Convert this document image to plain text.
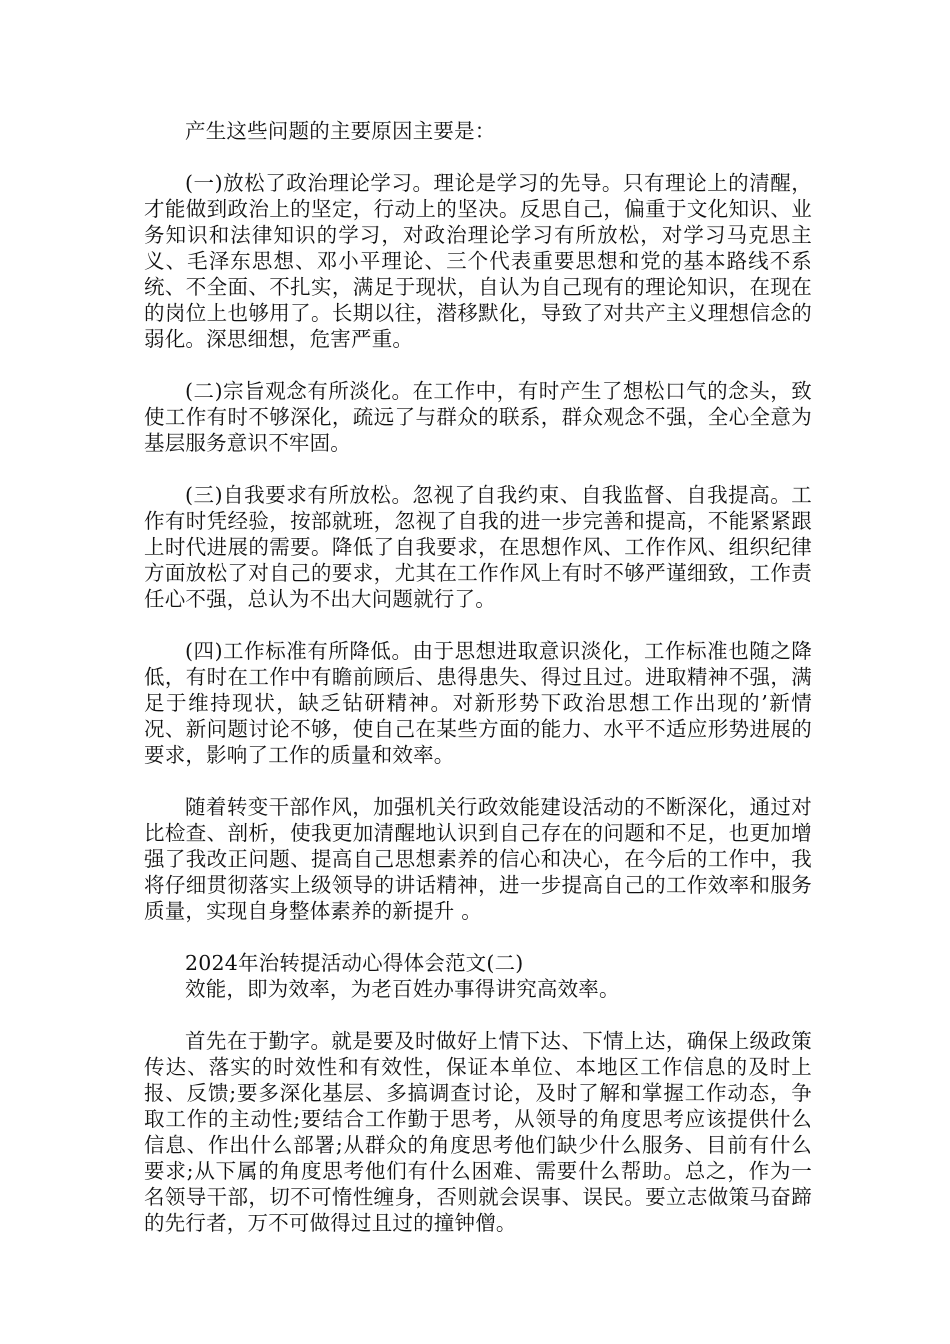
产生这些问题的主要原因主要是：

(一)放松了政治理论学习。理论是学习的先导。只有理论上的清醒，才能做到政治上的坚定，行动上的坚决。反思自己，偏重于文化知识、业务知识和法律知识的学习，对政治理论学习有所放松，对学习马克思主义、毛泽东思想、邓小平理论、三个代表重要思想和党的基本路线不系统、不全面、不扎实，满足于现状，自认为自己现有的理论知识，在现在的岗位上也够用了。长期以往，潜移默化，导致了对共产主义理想信念的弱化。深思细想，危害严重。

(二)宗旨观念有所淡化。在工作中，有时产生了想松口气的念头，致使工作有时不够深化，疏远了与群众的联系，群众观念不强，全心全意为基层服务意识不牢固。

(三)自我要求有所放松。忽视了自我约束、自我监督、自我提高。工作有时凭经验，按部就班，忽视了自我的进一步完善和提高，不能紧紧跟上时代进展的需要。降低了自我要求，在思想作风、工作作风、组织纪律方面放松了对自己的要求，尤其在工作作风上有时不够严谨细致，工作责任心不强，总认为不出大问题就行了。

(四)工作标准有所降低。由于思想进取意识淡化，工作标准也随之降低，有时在工作中有瞻前顾后、患得患失、得过且过。进取精神不强，满足于维持现状，缺乏钻研精神。对新形势下政治思想工作出现的’新情况、新问题讨论不够，使自己在某些方面的能力、水平不适应形势进展的要求，影响了工作的质量和效率。

随着转变干部作风，加强机关行政效能建设活动的不断深化，通过对比检查、剖析，使我更加清醒地认识到自己存在的问题和不足，也更加增强了我改正问题、提高自己思想素养的信心和决心，在今后的工作中，我将仔细贯彻落实上级领导的讲话精神，进一步提高自己的工作效率和服务质量，实现自身整体素养的新提升 。

2024年治转提活动心得体会范文(二)

效能，即为效率，为老百姓办事得讲究高效率。

首先在于勤字。就是要及时做好上情下达、下情上达，确保上级政策传达、落实的时效性和有效性，保证本单位、本地区工作信息的及时上报、反馈;要多深化基层、多搞调查讨论，及时了解和掌握工作动态，争取工作的主动性;要结合工作勤于思考，从领导的角度思考应该提供什么信息、作出什么部署;从群众的角度思考他们缺少什么服务、目前有什么要求;从下属的角度思考他们有什么困难、需要什么帮助。总之，作为一名领导干部，切不可惰性缠身，否则就会误事、误民。要立志做策马奋蹄的先行者，万不可做得过且过的撞钟僧。
